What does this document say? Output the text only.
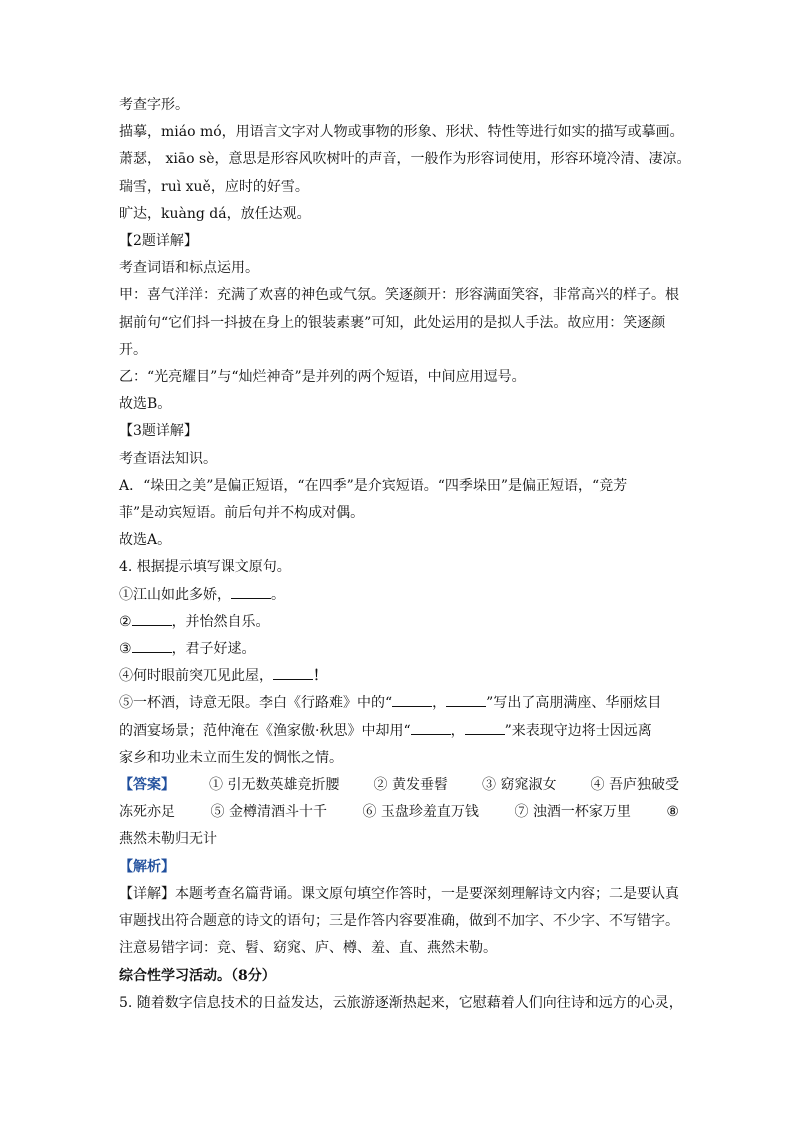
考查字形。
描摹，miáo mó，用语言文字对人物或事物的形象、形状、特性等进行如实的描写或摹画。
萧瑟， xiāo sè，意思是形容风吹树叶的声音，一般作为形容词使用，形容环境冷清、凄凉。
瑞雪，ruì xuě，应时的好雪。
旷达，kuàng dá，放任达观。
【2题详解】
考查词语和标点运用。
甲：喜气洋洋：充满了欢喜的神色或气氛。笑逐颜开：形容满面笑容，非常高兴的样子。根
据前句“它们抖一抖披在身上的银装素裹”可知，此处运用的是拟人手法。故应用：笑逐颜
开。
乙：“光亮耀目”与“灿烂神奇”是并列的两个短语，中间应用逗号。
故选B。
【3题详解】
考查语法知识。
A．“垛田之美”是偏正短语，“在四季”是介宾短语。“四季垛田”是偏正短语，“竞芳
菲”是动宾短语。前后句并不构成对偶。
故选A。
4. 根据提示填写课文原句。
①江山如此多娇，	。
②	，并怡然自乐。
③	，君子好逑。
④何时眼前突兀见此屋，	！
⑤一杯酒，诗意无限。李白《行路难》中的“	，	”写出了高朋满座、华丽炫目
的酒宴场景；范仲淹在《渔家傲·秋思》中却用“	，	”来表现守边将士因远离
家乡和功业未立而生发的惆怅之情。
【答案】 ① 引无数英雄竞折腰 ② 黄发垂髫 ③ 窈窕淑女 ④ 吾庐独破受
冻死亦足	⑤ 金樽清酒斗十千	⑥ 玉盘珍羞直万钱	⑦ 浊酒一杯家万里	⑧
燕然未勒归无计
【解析】
【详解】本题考查名篇背诵。课文原句填空作答时，一是要深刻理解诗文内容；二是要认真
审题找出符合题意的诗文的语句；三是作答内容要准确，做到不加字、不少字、不写错字。
注意易错字词：竞、髫、窈窕、庐、樽、羞、直、燕然未勒。
综合性学习活动。（8分）
5. 随着数字信息技术的日益发达，云旅游逐渐热起来，它慰藉着人们向往诗和远方的心灵，
